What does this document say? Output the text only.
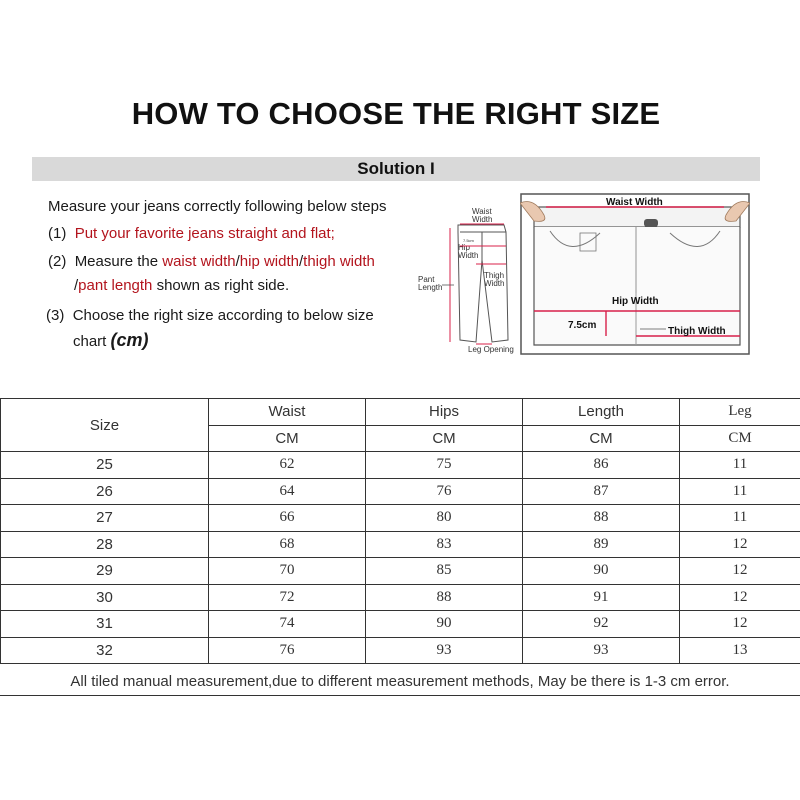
HOW TO CHOOSE THE RIGHT SIZE
Solution I
Measure your jeans correctly following below steps
(1) Put your favorite jeans straight and flat;
(2) Measure the waist width/hip width/thigh width
/pant length shown as right side.
(3) Choose the right size according to below size
chart (cm)
Waist
Width
Hip
Width
Pant
Length
Thigh
Width
Leg Opening
7.5cm
Waist Width
Hip Width
Thigh Width
7.5cm
Size	Waist	Hips	Length	Leg
	CM	CM	CM	CM
25	62	75	86	11
26	64	76	87	11
27	66	80	88	11
28	68	83	89	12
29	70	85	90	12
30	72	88	91	12
31	74	90	92	12
32	76	93	93	13
All tiled manual measurement,due to different measurement methods, May be there is 1-3 cm error.
